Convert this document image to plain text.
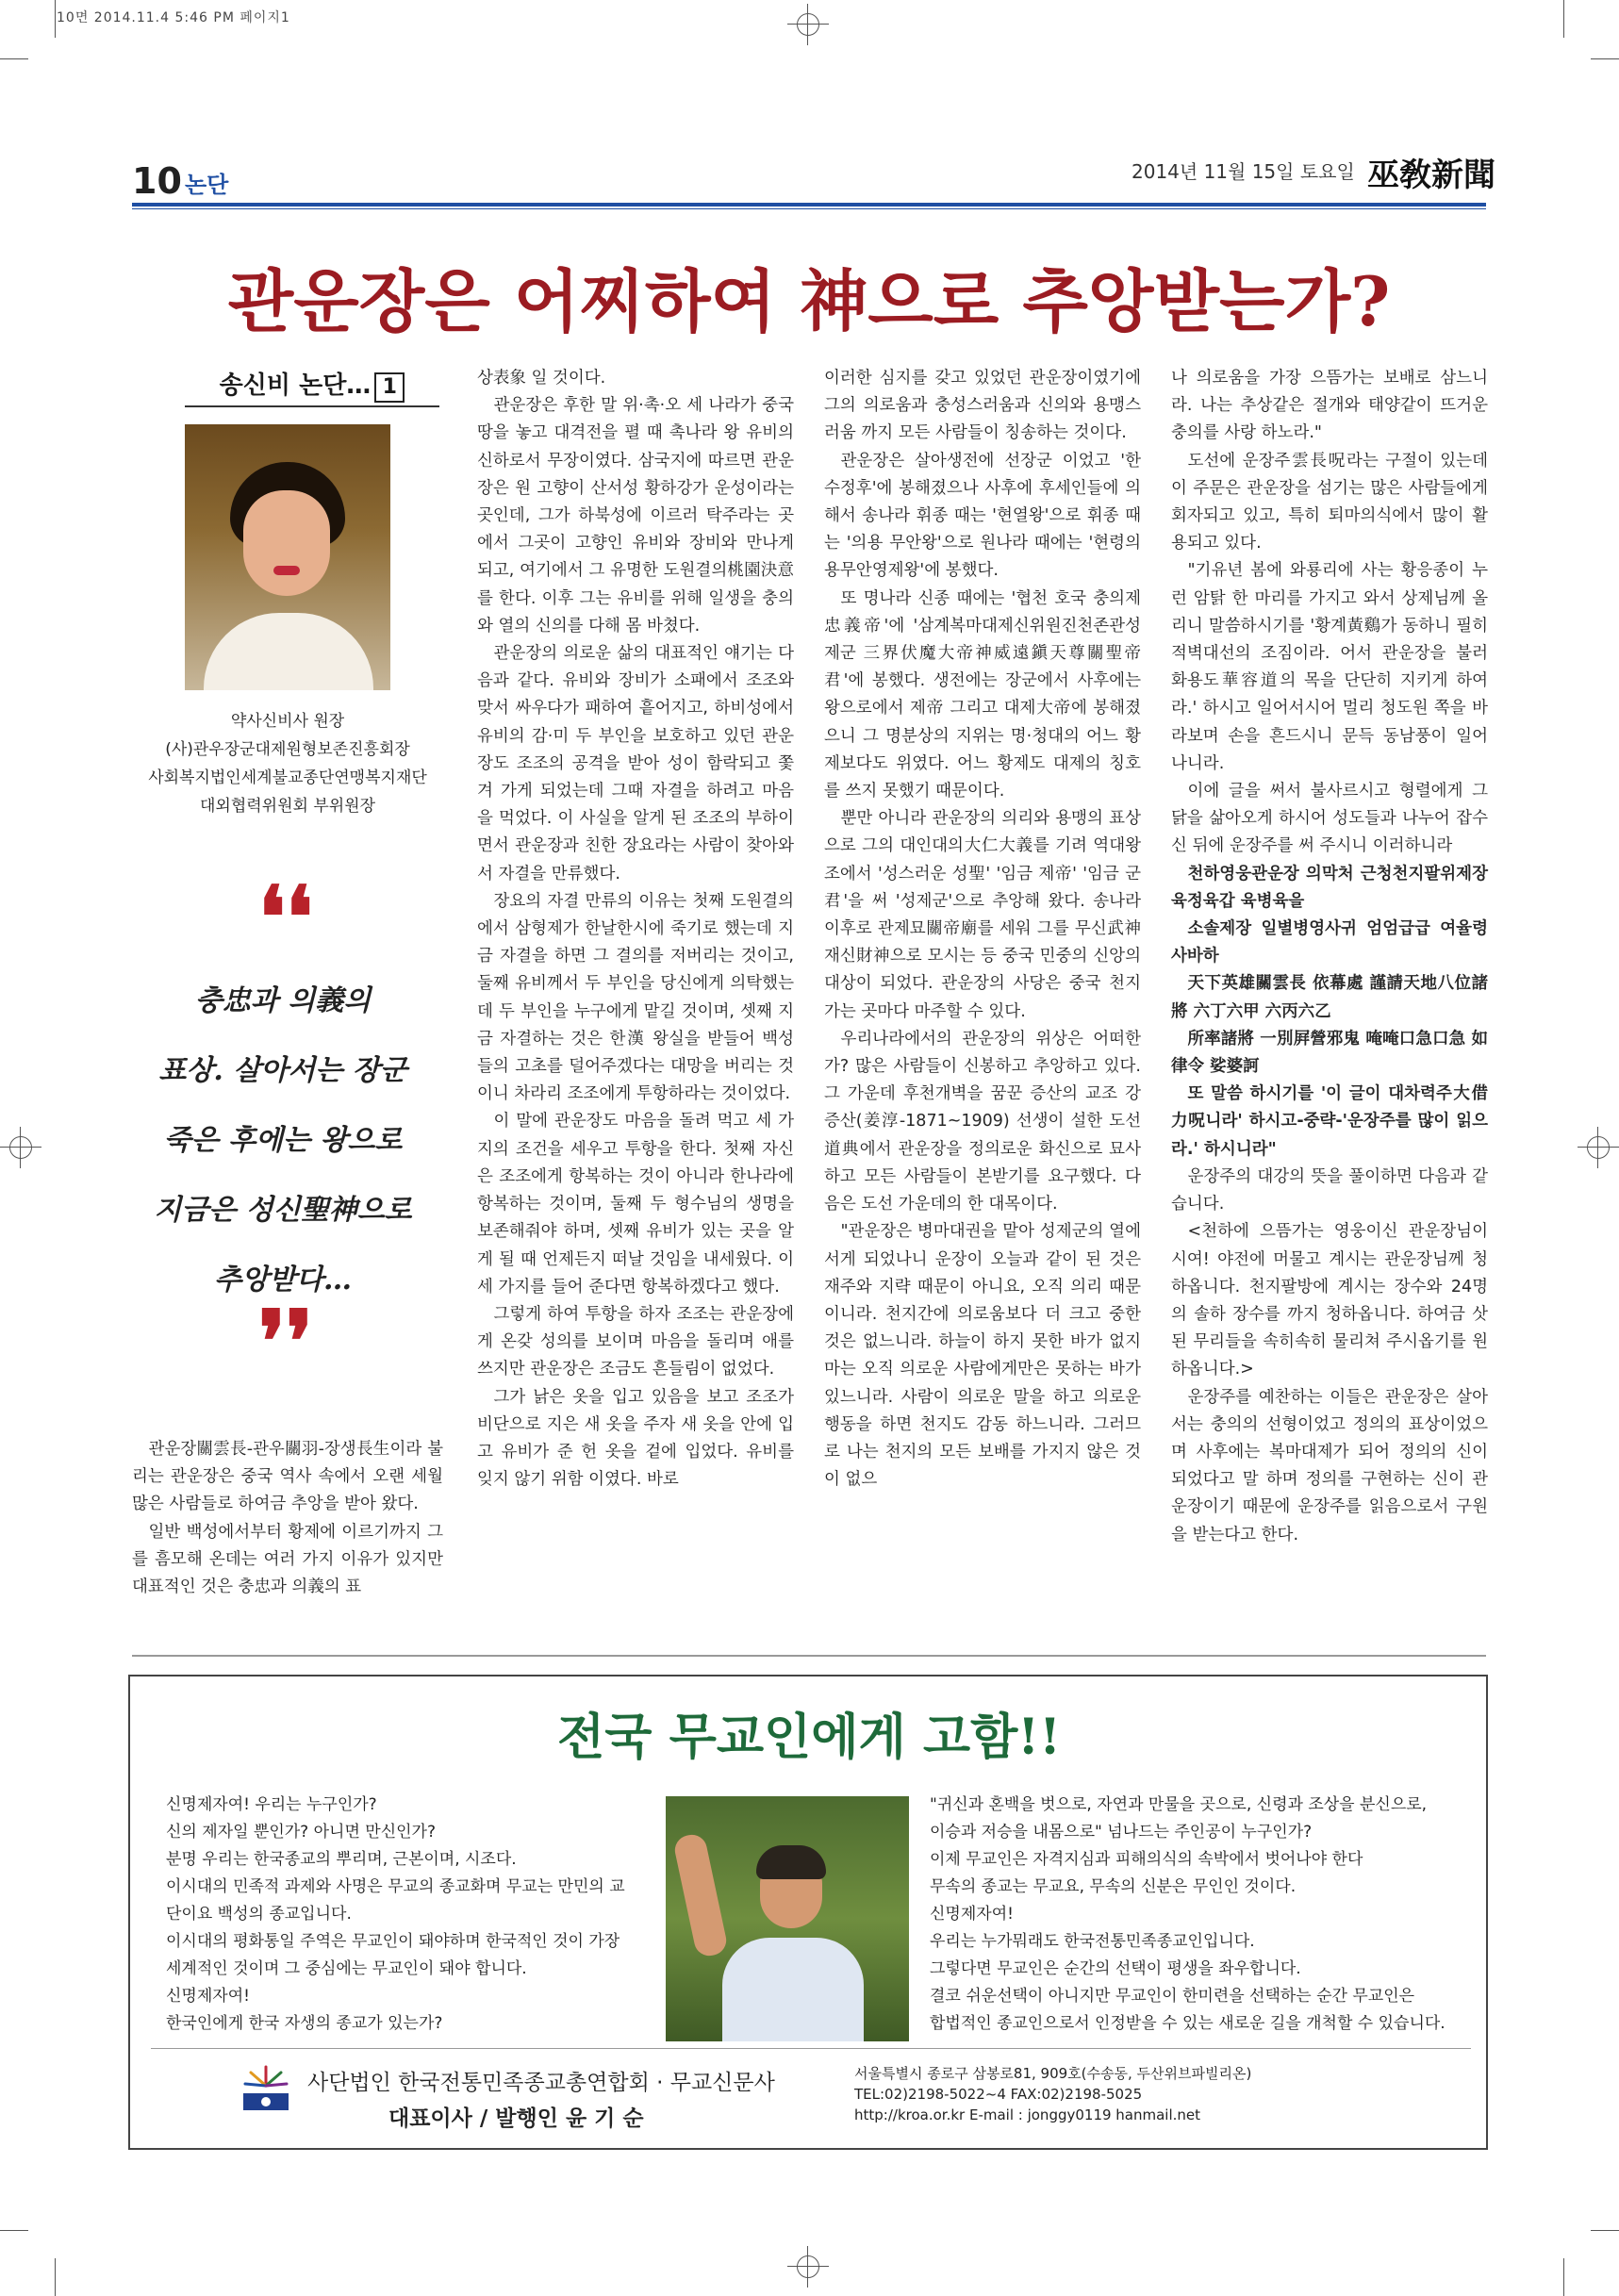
10면 2014.11.4 5:46 PM 페이지1
10 논단	2014년 11월 15일 토요일 巫敎新聞
관운장은 어찌하여 神으로 추앙받는가?
송신비 논단… 1
약사신비사 원장
(사)관우장군대제원형보존진흥회장
사회복지법인세계불교종단연맹복지재단
대외협력위원회 부위원장
❛❛
충忠과 의義의
표상. 살아서는 장군
죽은 후에는 왕으로
지금은 성신聖神으로
추앙받다…
❜❜

관운장關雲長-관우關羽-장생長生이라 불리는 관운장은 중국 역사 속에서 오랜 세월 많은 사람들로 하여금 추앙을 받아 왔다.

일반 백성에서부터 황제에 이르기까지 그를 흠모해 온데는 여러 가지 이유가 있지만 대표적인 것은 충忠과 의義의 표

상表象 일 것이다.

관운장은 후한 말 위·촉·오 세 나라가 중국 땅을 놓고 대격전을 펼 때 촉나라 왕 유비의 신하로서 무장이였다. 삼국지에 따르면 관운장은 원 고향이 산서성 황하강가 운성이라는 곳인데, 그가 하북성에 이르러 탁주라는 곳에서 그곳이 고향인 유비와 장비와 만나게 되고, 여기에서 그 유명한 도원결의桃園決意를 한다. 이후 그는 유비를 위해 일생을 충의와 열의 신의를 다해 몸 바쳤다.

관운장의 의로운 삶의 대표적인 얘기는 다음과 같다. 유비와 장비가 소패에서 조조와 맞서 싸우다가 패하여 흩어지고, 하비성에서 유비의 감·미 두 부인을 보호하고 있던 관운장도 조조의 공격을 받아 성이 함락되고 쫓겨 가게 되었는데 그때 자결을 하려고 마음을 먹었다. 이 사실을 알게 된 조조의 부하이면서 관운장과 친한 장요라는 사람이 찾아와서 자결을 만류했다.

장요의 자결 만류의 이유는 첫째 도원결의에서 삼형제가 한날한시에 죽기로 했는데 지금 자결을 하면 그 결의를 저버리는 것이고, 둘째 유비께서 두 부인을 당신에게 의탁했는데 두 부인을 누구에게 맡길 것이며, 셋째 지금 자결하는 것은 한漢 왕실을 받들어 백성들의 고초를 덜어주겠다는 대망을 버리는 것이니 차라리 조조에게 투항하라는 것이었다.

이 말에 관운장도 마음을 돌려 먹고 세 가지의 조건을 세우고 투항을 한다. 첫째 자신은 조조에게 항복하는 것이 아니라 한나라에 항복하는 것이며, 둘째 두 형수님의 생명을 보존해줘야 하며, 셋째 유비가 있는 곳을 알게 될 때 언제든지 떠날 것임을 내세웠다. 이 세 가지를 들어 준다면 항복하겠다고 했다.

그렇게 하여 투항을 하자 조조는 관운장에게 온갖 성의를 보이며 마음을 돌리며 애를 쓰지만 관운장은 조금도 흔들림이 없었다.

그가 낡은 옷을 입고 있음을 보고 조조가 비단으로 지은 새 옷을 주자 새 옷을 안에 입고 유비가 준 헌 옷을 겉에 입었다. 유비를 잊지 않기 위함 이였다. 바로

이러한 심지를 갖고 있었던 관운장이였기에 그의 의로움과 충성스러움과 신의와 용맹스러움 까지 모든 사람들이 칭송하는 것이다.

관운장은 살아생전에 선장군 이었고 '한 수정후'에 봉해졌으나 사후에 후세인들에 의해서 송나라 휘종 때는 '현열왕'으로 휘종 때는 '의용 무안왕'으로 원나라 때에는 '현령의용무안영제왕'에 봉했다.

또 명나라 신종 때에는 '협천 호국 충의제忠義帝'에 '삼계복마대제신위원진천존관성제군 三界伏魔大帝神威遠鎭天尊關聖帝君'에 봉했다. 생전에는 장군에서 사후에는 왕으로에서 제帝 그리고 대제大帝에 봉해졌으니 그 명분상의 지위는 명·청대의 어느 황제보다도 위였다. 어느 황제도 대제의 칭호를 쓰지 못했기 때문이다.

뿐만 아니라 관운장의 의리와 용맹의 표상으로 그의 대인대의大仁大義를 기려 역대왕조에서 '성스러운 성聖' '임금 제帝' '임금 군君'을 써 '성제군'으로 추앙해 왔다. 송나라 이후로 관제묘關帝廟를 세워 그를 무신武神 재신財神으로 모시는 등 중국 민중의 신앙의 대상이 되었다. 관운장의 사당은 중국 천지 가는 곳마다 마주할 수 있다.

우리나라에서의 관운장의 위상은 어떠한가? 많은 사람들이 신봉하고 추앙하고 있다. 그 가운데 후천개벽을 꿈꾼 증산의 교조 강증산(姜淳-1871~1909) 선생이 설한 도선道典에서 관운장을 정의로운 화신으로 묘사하고 모든 사람들이 본받기를 요구했다. 다음은 도선 가운데의 한 대목이다.

"관운장은 병마대권을 맡아 성제군의 열에 서게 되었나니 운장이 오늘과 같이 된 것은 재주와 지략 때문이 아니요, 오직 의리 때문이니라. 천지간에 의로움보다 더 크고 중한 것은 없느니라. 하늘이 하지 못한 바가 없지마는 오직 의로운 사람에게만은 못하는 바가 있느니라. 사람이 의로운 말을 하고 의로운 행동을 하면 천지도 감동 하느니라. 그러므로 나는 천지의 모든 보배를 가지지 않은 것이 없으

나 의로움을 가장 으뜸가는 보배로 삼느니라. 나는 추상같은 절개와 태양같이 뜨거운 충의를 사랑 하노라."

도선에 운장주雲長呪라는 구절이 있는데 이 주문은 관운장을 섬기는 많은 사람들에게 회자되고 있고, 특히 퇴마의식에서 많이 활용되고 있다.

"기유년 봄에 와룡리에 사는 황응종이 누런 암탉 한 마리를 가지고 와서 상제님께 올리니 말씀하시기를 '황계黃鷄가 동하니 필히 적벽대선의 조짐이라. 어서 관운장을 불러 화용도華容道의 목을 단단히 지키게 하여라.' 하시고 일어서시어 멀리 청도원 쪽을 바라보며 손을 흔드시니 문득 동남풍이 일어 나니라.

이에 글을 써서 불사르시고 형렬에게 그 닭을 삶아오게 하시어 성도들과 나누어 잡수신 뒤에 운장주를 써 주시니 이러하니라

천하영웅관운장 의막처 근청천지팔위제장 육정육갑 육병육을

소솔제장 일별병영사귀 엄엄급급 여율령 사바하

天下英雄關雲長 依幕處 謹請天地八位諸將 六丁六甲 六丙六乙

所率諸將 一別屛營邪鬼 唵唵口急口急 如律令 娑婆訶

또 말씀 하시기를 '이 글이 대차력주大借力呪니라' 하시고-중략-'운장주를 많이 읽으라.' 하시니라"

운장주의 대강의 뜻을 풀이하면 다음과 같습니다.

<천하에 으뜸가는 영웅이신 관운장님이시여! 야전에 머물고 계시는 관운장님께 청하옵니다. 천지팔방에 계시는 장수와 24명의 솔하 장수를 까지 청하옵니다. 하여금 삿된 무리들을 속히속히 물리쳐 주시옵기를 원하옵니다.>

운장주를 예찬하는 이들은 관운장은 살아서는 충의의 선형이었고 정의의 표상이었으며 사후에는 복마대제가 되어 정의의 신이 되었다고 말 하며 정의를 구현하는 신이 관운장이기 때문에 운장주를 읽음으로서 구원을 받는다고 한다.

전국 무교인에게 고함!!
신명제자여! 우리는 누구인가?
신의 제자일 뿐인가? 아니면 만신인가?
분명 우리는 한국종교의 뿌리며, 근본이며, 시조다.
이시대의 민족적 과제와 사명은 무교의 종교화며 무교는 만민의 교
단이요 백성의 종교입니다.
이시대의 평화통일 주역은 무교인이 돼야하며 한국적인 것이 가장
세계적인 것이며 그 중심에는 무교인이 돼야 합니다.
신명제자여!
한국인에게 한국 자생의 종교가 있는가?
"귀신과 혼백을 벗으로, 자연과 만물을 곳으로, 신령과 조상을 분신으로,
이승과 저승을 내몸으로" 넘나드는 주인공이 누구인가?
이제 무교인은 자격지심과 피해의식의 속박에서 벗어나야 한다
무속의 종교는 무교요, 무속의 신분은 무인인 것이다.
신명제자여!
우리는 누가뭐래도 한국전통민족종교인입니다.
그렇다면 무교인은 순간의 선택이 평생을 좌우합니다.
결코 쉬운선택이 아니지만 무교인이 한미련을 선택하는 순간 무교인은
합법적인 종교인으로서 인정받을 수 있는 새로운 길을 개척할 수 있습니다.
사단법인 한국전통민족종교총연합회 · 무교신문사
대표이사 / 발행인 윤 기 순
서울특별시 종로구 삼봉로81, 909호(수송동, 두산위브파빌리온)
TEL:02)2198-5022~4 FAX:02)2198-5025
http://kroa.or.kr E-mail : jonggy0119 hanmail.net
